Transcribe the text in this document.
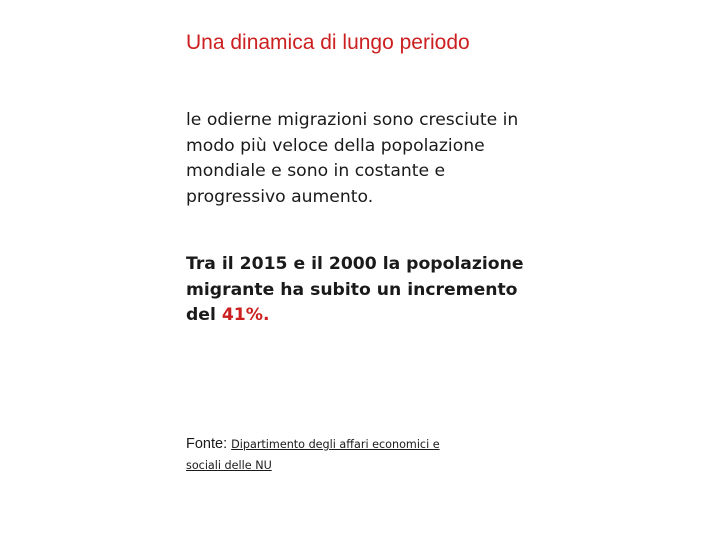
Una dinamica di lungo periodo

le odierne migrazioni sono cresciute in modo più veloce della popolazione mondiale e sono in costante e progressivo aumento.

Tra il 2015 e il 2000 la popolazione migrante ha subito un incremento del 41%.

Fonte: Dipartimento degli affari economici e
sociali delle NU
